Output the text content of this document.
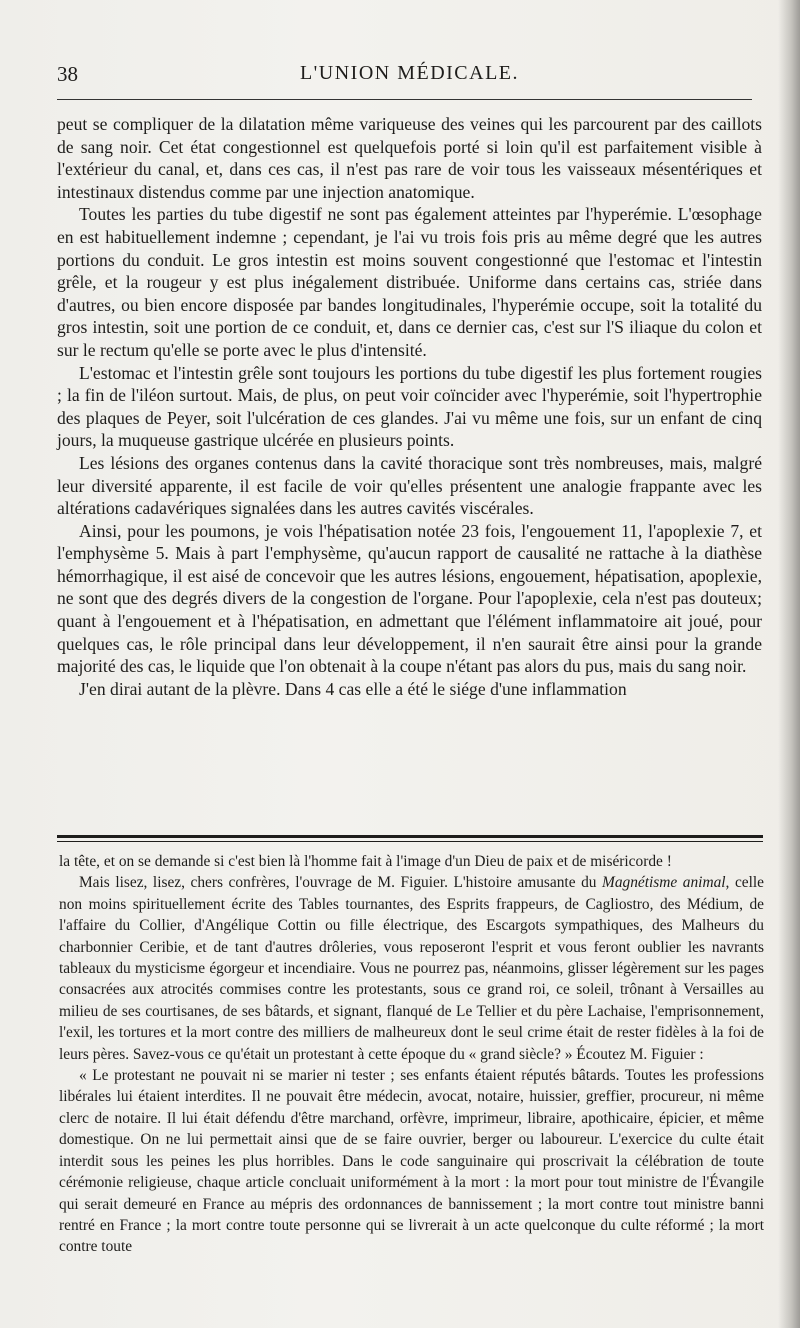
38	L'UNION MÉDICALE.

peut se compliquer de la dilatation même variqueuse des veines qui les parcourent par des caillots de sang noir. Cet état congestionnel est quelquefois porté si loin qu'il est parfaitement visible à l'extérieur du canal, et, dans ces cas, il n'est pas rare de voir tous les vaisseaux mésentériques et intestinaux distendus comme par une injection anatomique.

Toutes les parties du tube digestif ne sont pas également atteintes par l'hyperémie. L'œsophage en est habituellement indemne ; cependant, je l'ai vu trois fois pris au même degré que les autres portions du conduit. Le gros intestin est moins souvent congestionné que l'estomac et l'intestin grêle, et la rougeur y est plus inégalement distribuée. Uniforme dans certains cas, striée dans d'autres, ou bien encore disposée par bandes longitudinales, l'hyperémie occupe, soit la totalité du gros intestin, soit une portion de ce conduit, et, dans ce dernier cas, c'est sur l'S iliaque du colon et sur le rectum qu'elle se porte avec le plus d'intensité.

L'estomac et l'intestin grêle sont toujours les portions du tube digestif les plus fortement rougies ; la fin de l'iléon surtout. Mais, de plus, on peut voir coïncider avec l'hyperémie, soit l'hypertrophie des plaques de Peyer, soit l'ulcération de ces glandes. J'ai vu même une fois, sur un enfant de cinq jours, la muqueuse gastrique ulcérée en plusieurs points.

Les lésions des organes contenus dans la cavité thoracique sont très nombreuses, mais, malgré leur diversité apparente, il est facile de voir qu'elles présentent une analogie frappante avec les altérations cadavériques signalées dans les autres cavités viscérales.

Ainsi, pour les poumons, je vois l'hépatisation notée 23 fois, l'engouement 11, l'apoplexie 7, et l'emphysème 5. Mais à part l'emphysème, qu'aucun rapport de causalité ne rattache à la diathèse hémorrhagique, il est aisé de concevoir que les autres lésions, engouement, hépatisation, apoplexie, ne sont que des degrés divers de la congestion de l'organe. Pour l'apoplexie, cela n'est pas douteux; quant à l'engouement et à l'hépatisation, en admettant que l'élément inflammatoire ait joué, pour quelques cas, le rôle principal dans leur développement, il n'en saurait être ainsi pour la grande majorité des cas, le liquide que l'on obtenait à la coupe n'étant pas alors du pus, mais du sang noir.

J'en dirai autant de la plèvre. Dans 4 cas elle a été le siége d'une inflammation

la tête, et on se demande si c'est bien là l'homme fait à l'image d'un Dieu de paix et de miséricorde !

Mais lisez, lisez, chers confrères, l'ouvrage de M. Figuier. L'histoire amusante du Magnétisme animal, celle non moins spirituellement écrite des Tables tournantes, des Esprits frappeurs, de Cagliostro, des Médium, de l'affaire du Collier, d'Angélique Cottin ou fille électrique, des Escargots sympathiques, des Malheurs du charbonnier Ceribie, et de tant d'autres drôleries, vous reposeront l'esprit et vous feront oublier les navrants tableaux du mysticisme égorgeur et incendiaire. Vous ne pourrez pas, néanmoins, glisser légèrement sur les pages consacrées aux atrocités commises contre les protestants, sous ce grand roi, ce soleil, trônant à Versailles au milieu de ses courtisanes, de ses bâtards, et signant, flanqué de Le Tellier et du père Lachaise, l'emprisonnement, l'exil, les tortures et la mort contre des milliers de malheureux dont le seul crime était de rester fidèles à la foi de leurs pères. Savez-vous ce qu'était un protestant à cette époque du « grand siècle? » Écoutez M. Figuier :

« Le protestant ne pouvait ni se marier ni tester ; ses enfants étaient réputés bâtards. Toutes les professions libérales lui étaient interdites. Il ne pouvait être médecin, avocat, notaire, huissier, greffier, procureur, ni même clerc de notaire. Il lui était défendu d'être marchand, orfèvre, imprimeur, libraire, apothicaire, épicier, et même domestique. On ne lui permettait ainsi que de se faire ouvrier, berger ou laboureur. L'exercice du culte était interdit sous les peines les plus horribles. Dans le code sanguinaire qui proscrivait la célébration de toute cérémonie religieuse, chaque article concluait uniformément à la mort : la mort pour tout ministre de l'Évangile qui serait demeuré en France au mépris des ordonnances de bannissement ; la mort contre tout ministre banni rentré en France ; la mort contre toute personne qui se livrerait à un acte quelconque du culte réformé ; la mort contre toute
